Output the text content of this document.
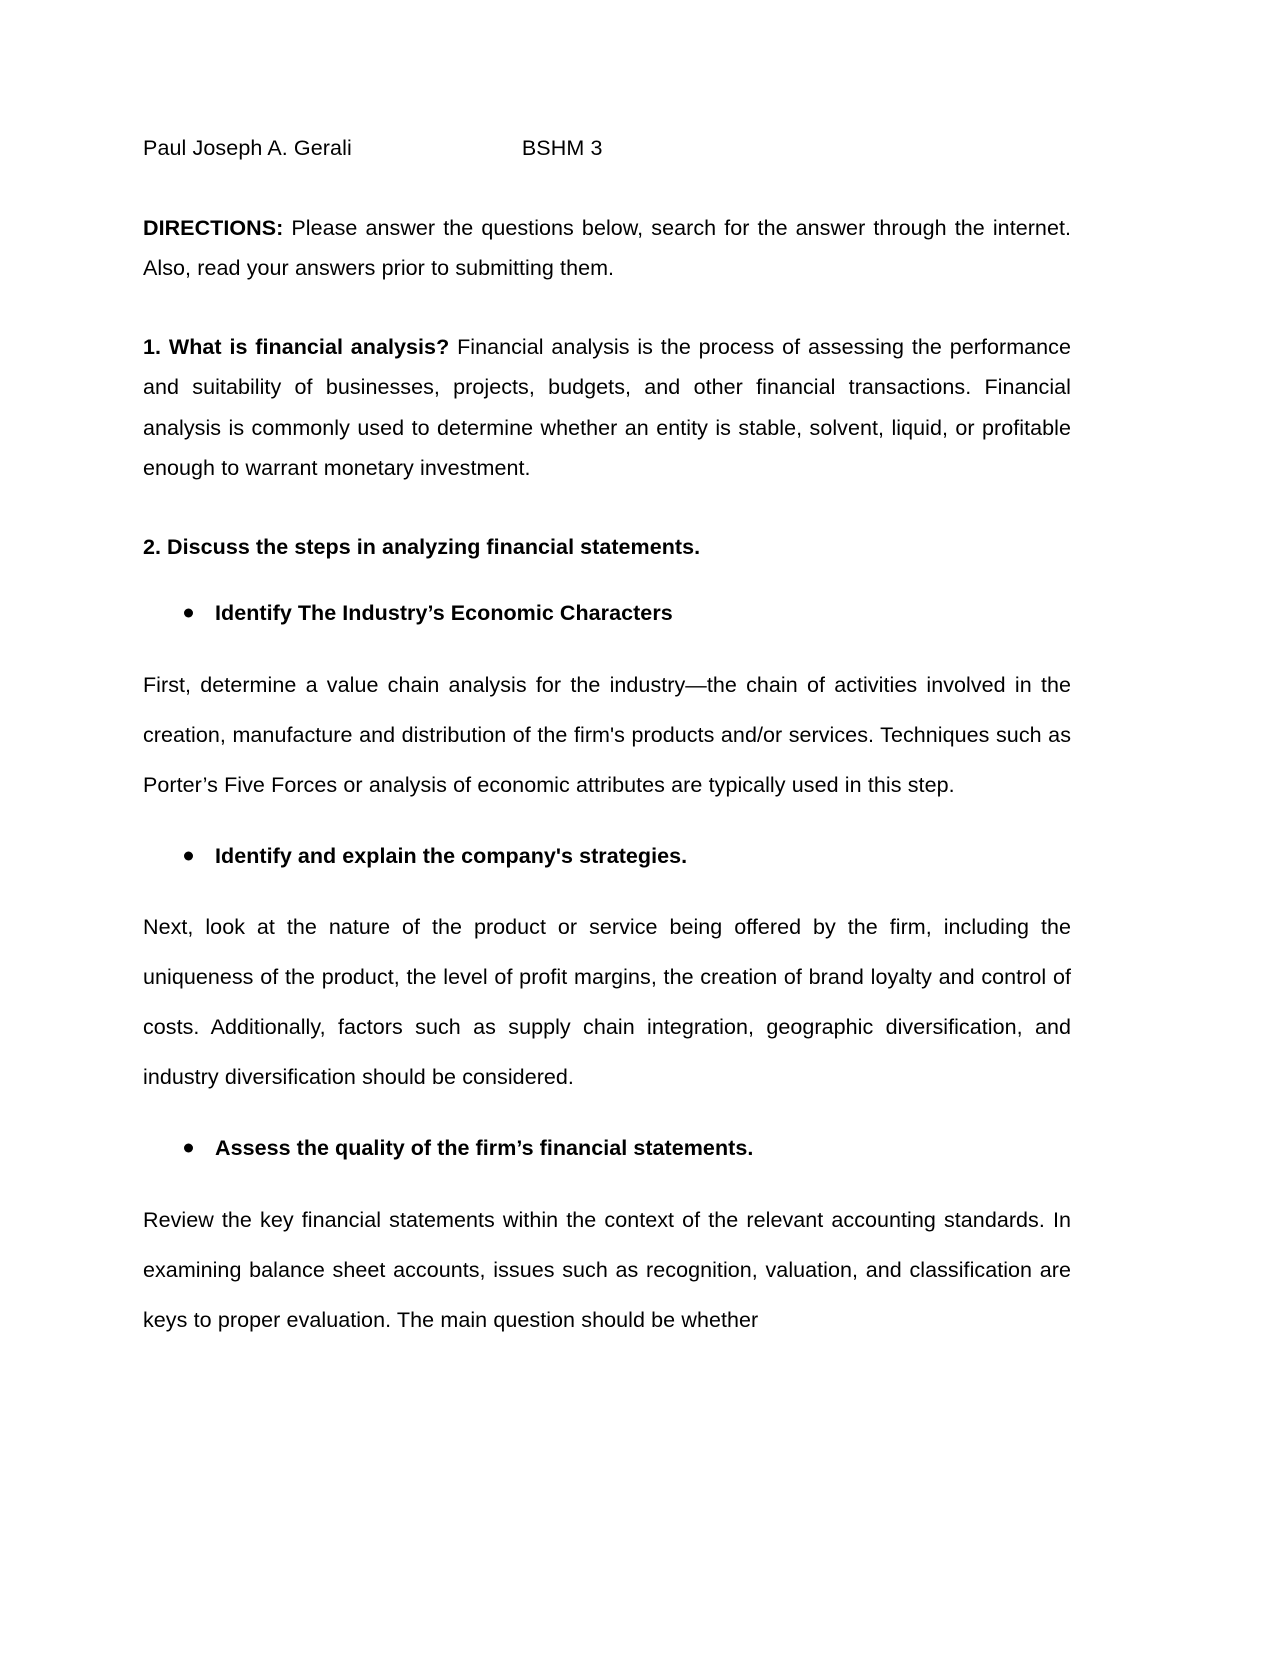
Paul Joseph A. Gerali	BSHM 3

DIRECTIONS: Please answer the questions below, search for the answer through the internet. Also, read your answers prior to submitting them.

1. What is financial analysis? Financial analysis is the process of assessing the performance and suitability of businesses, projects, budgets, and other financial transactions. Financial analysis is commonly used to determine whether an entity is stable, solvent, liquid, or profitable enough to warrant monetary investment.

2. Discuss the steps in analyzing financial statements.

Identify The Industry’s Economic Characters

First, determine a value chain analysis for the industry—the chain of activities involved in the creation, manufacture and distribution of the firm's products and/or services. Techniques such as Porter’s Five Forces or analysis of economic attributes are typically used in this step.

Identify and explain the company's strategies.

Next, look at the nature of the product or service being offered by the firm, including the uniqueness of the product, the level of profit margins, the creation of brand loyalty and control of costs. Additionally, factors such as supply chain integration, geographic diversification, and industry diversification should be considered.

Assess the quality of the firm’s financial statements.

Review the key financial statements within the context of the relevant accounting standards. In examining balance sheet accounts, issues such as recognition, valuation, and classification are keys to proper evaluation. The main question should be whether
